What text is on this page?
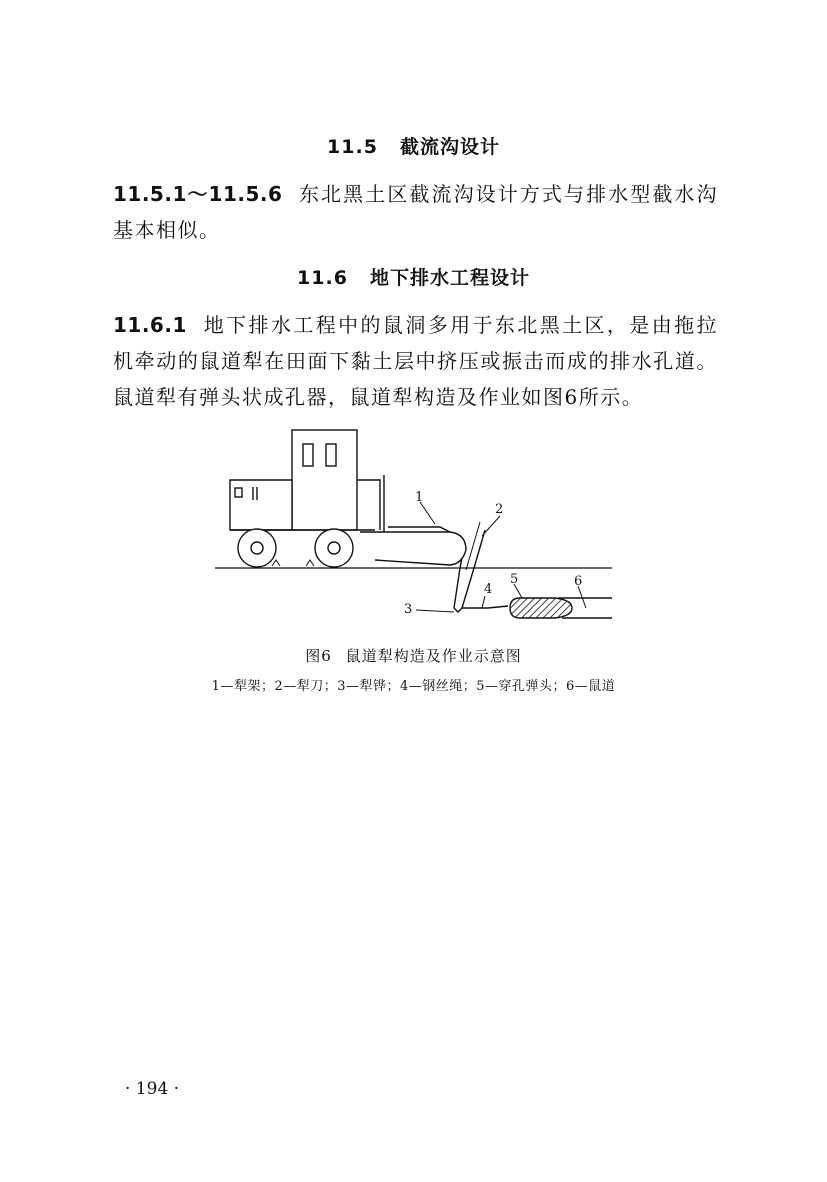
11.5 截流沟设计
11.5.1～11.5.6 东北黑土区截流沟设计方式与排水型截水沟基本相似。
11.6 地下排水工程设计
11.6.1 地下排水工程中的鼠洞多用于东北黑土区，是由拖拉机牵动的鼠道犁在田面下黏土层中挤压或振击而成的排水孔道。鼠道犁有弹头状成孔器，鼠道犁构造及作业如图6所示。
1
2
3
4
5	6
图6 鼠道犁构造及作业示意图
1—犁架；2—犁刀；3—犁铧；4—钢丝绳；5—穿孔弹头；6—鼠道
· 194 ·
